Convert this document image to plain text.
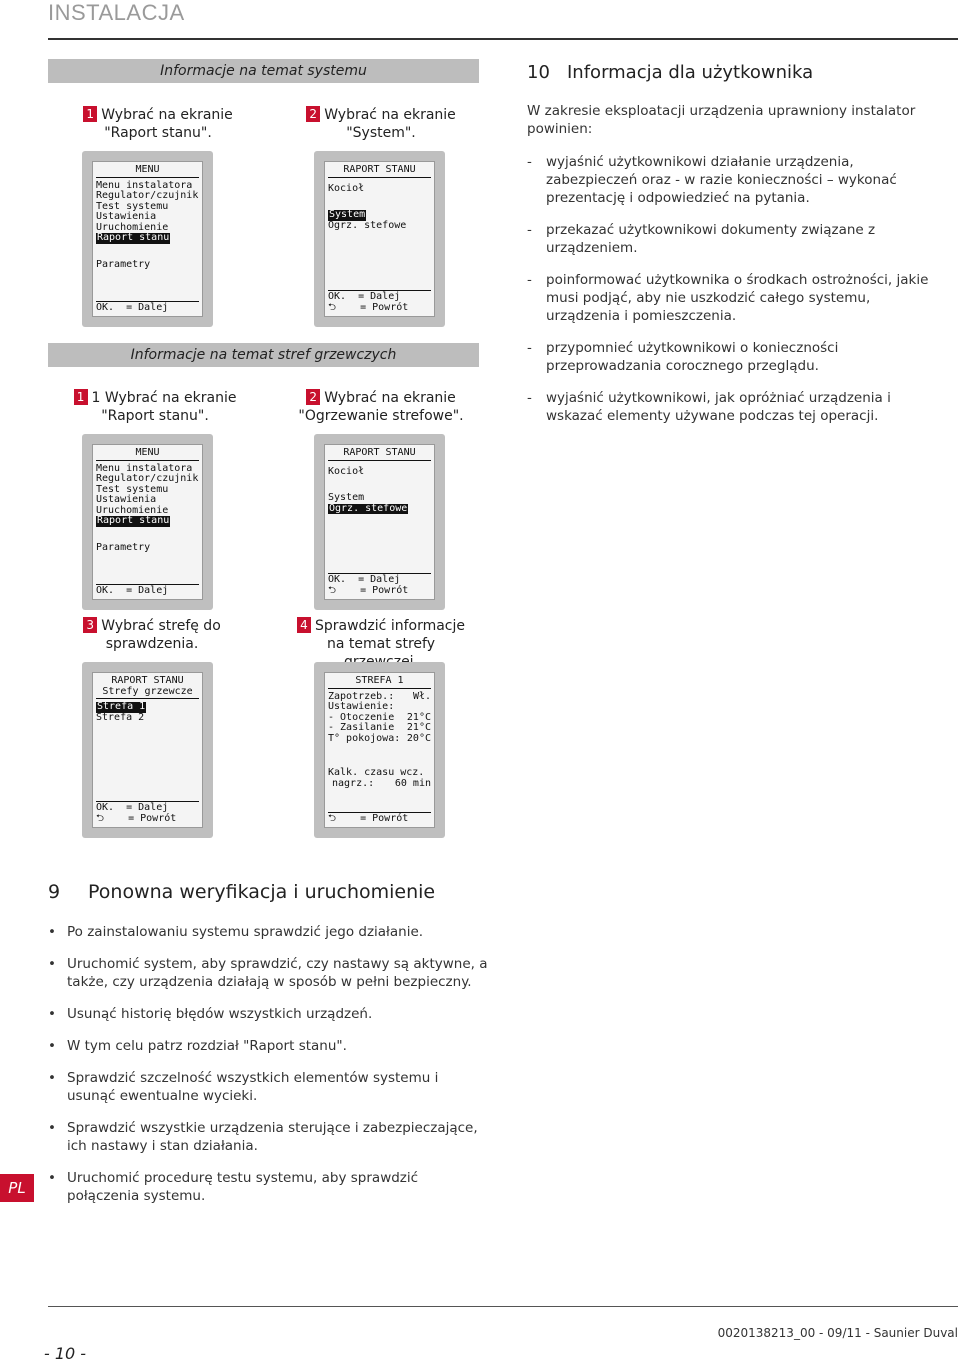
INSTALACJA
Informacje na temat systemu
1 Wybrać na ekranie "Raport stanu".
2 Wybrać na ekranie "System".
MENU
Menu instalatora
Regulator/czujnik
Test systemu
Ustawienia
Uruchomienie
Raport stanu
Parametry
OK.  = Dalej
RAPORT STANU
Kocioł
System
Ogrz. stefowe
OK.  = Dalej
⮌    = Powrót
Informacje na temat stref grzewczych
1 1 Wybrać na ekranie "Raport stanu".
2 Wybrać na ekranie "Ogrzewanie strefowe".
MENU
Menu instalatora
Regulator/czujnik
Test systemu
Ustawienia
Uruchomienie
Raport stanu
Parametry
OK.  = Dalej
RAPORT STANU
Kocioł
System
Ogrz. stefowe
OK.  = Dalej
⮌    = Powrót
3 Wybrać strefę do sprawdzenia.
4 Sprawdzić informacje na temat strefy
RAPORT STANU
Strefy grzewcze
Strefa 1
Strefa 2
OK.  = Dalej
⮌    = Powrót
STREFA 1
Zapotrzeb.: Wł.
Ustawienie:
- Otoczenie 21°C
- Zasilanie 21°C
T° pokojowa: 20°C
Kalk. czasu wcz.
nagrz.: 60 min
⮌    = Powrót
10 Informacja dla użytkownika
W zakresie eksploatacji urządzenia uprawniony instalator powinien:
-	wyjaśnić użytkownikowi działanie urządzenia, zabezpieczeń oraz - w razie konieczności – wykonać prezentację i odpowiedzieć na pytania.
-	przekazać użytkownikowi dokumenty związane z urządzeniem.
-	poinformować użytkownika o środkach ostrożności, jakie musi podjąć, aby nie uszkodzić całego systemu, urządzenia i pomieszczenia.
-	przypomnieć użytkownikowi o konieczności przeprowadzania corocznego przeglądu.
-	wyjaśnić użytkownikowi, jak opróżniać urządzenia i wskazać elementy używane podczas tej operacji.
9 Ponowna weryfikacja i uruchomienie
• Po zainstalowaniu systemu sprawdzić jego działanie.
• Uruchomić system, aby sprawdzić, czy nastawy są aktywne, a także, czy urządzenia działają w sposób w pełni bezpieczny.
• Usunąć historię błędów wszystkich urządzeń.
• W tym celu patrz rozdział "Raport stanu".
• Sprawdzić szczelność wszystkich elementów systemu i usunąć ewentualne wycieki.
• Sprawdzić wszystkie urządzenia sterujące i zabezpieczające, ich nastawy i stan działania.
• Uruchomić procedurę testu systemu, aby sprawdzić połączenia systemu.
PL
- 10 -
0020138213_00 - 09/11 - Saunier Duval
